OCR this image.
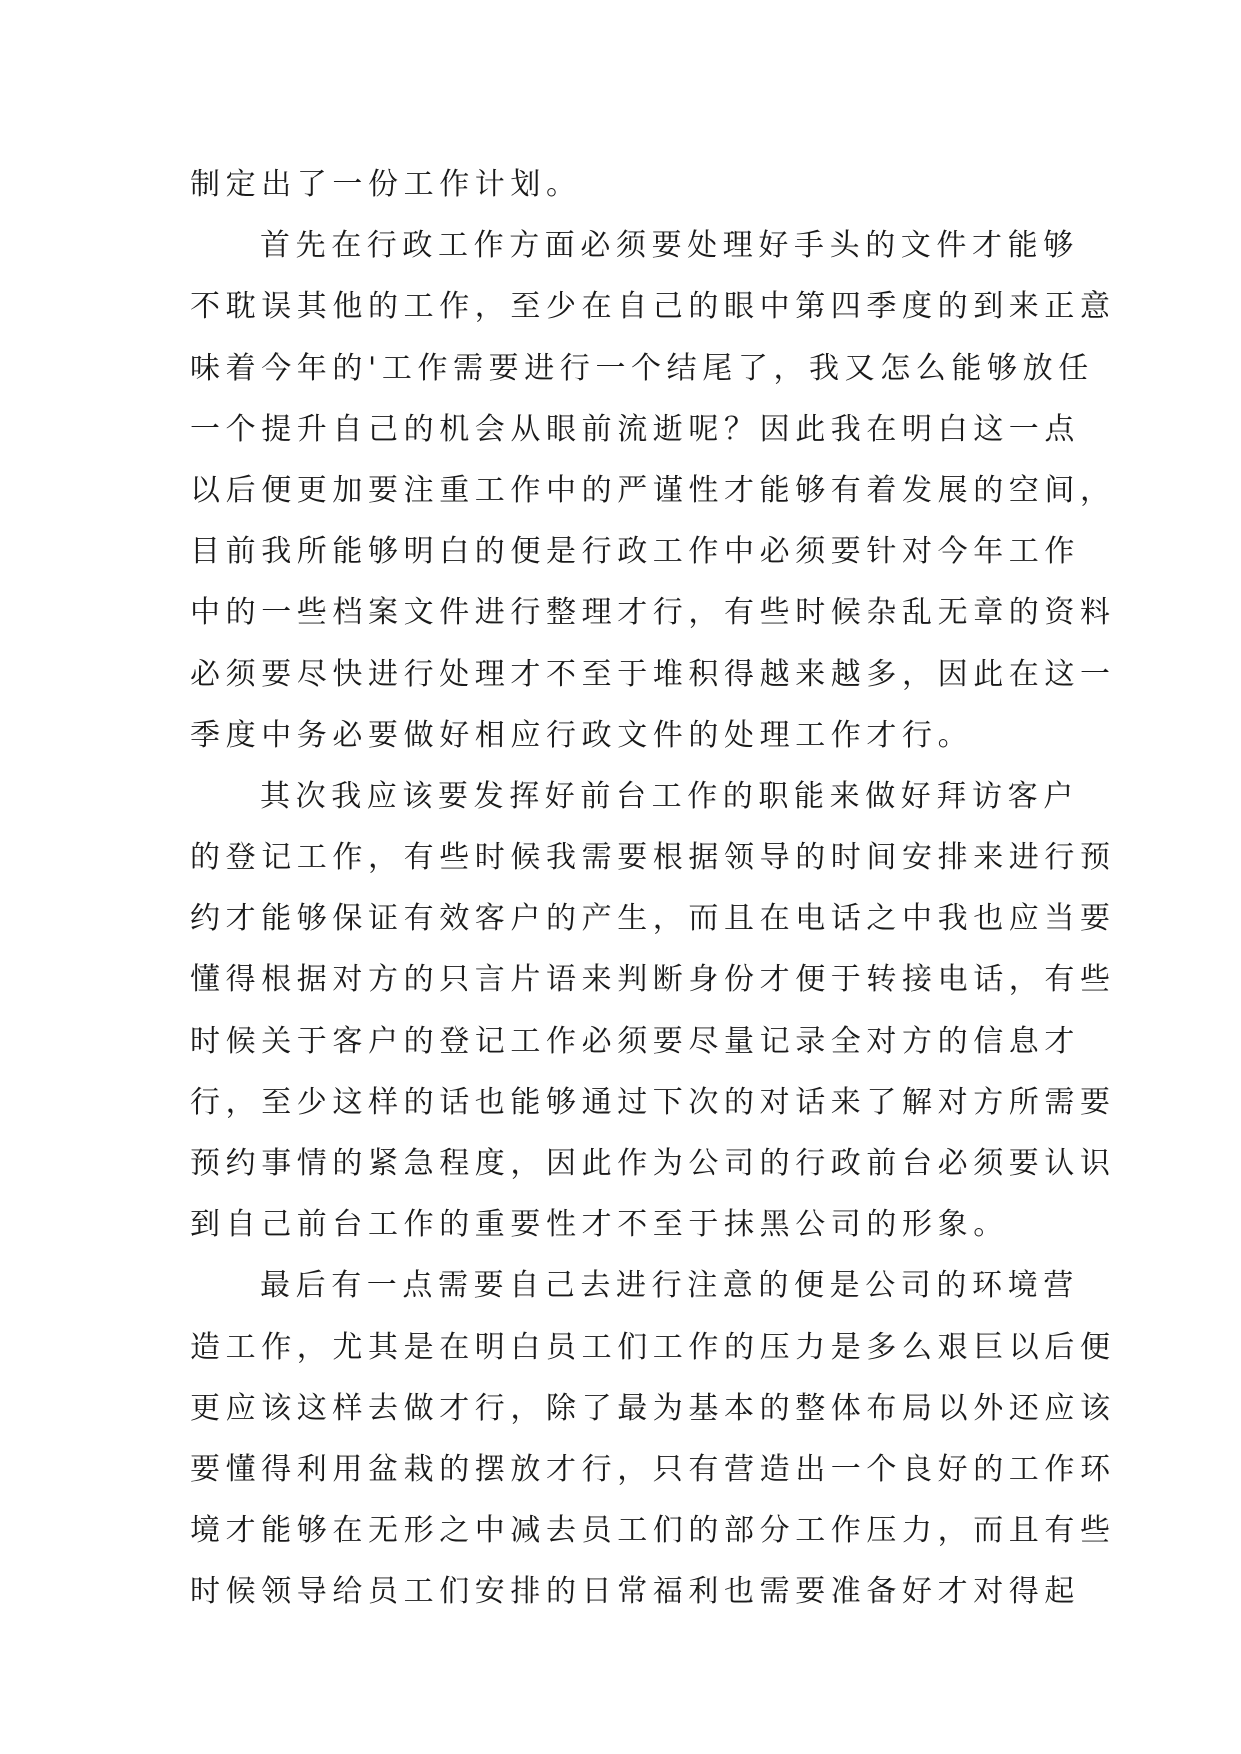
制定出了一份工作计划。
首先在行政工作方面必须要处理好手头的文件才能够
不耽误其他的工作，至少在自己的眼中第四季度的到来正意
味着今年的'工作需要进行一个结尾了，我又怎么能够放任
一个提升自己的机会从眼前流逝呢？因此我在明白这一点
以后便更加要注重工作中的严谨性才能够有着发展的空间，
目前我所能够明白的便是行政工作中必须要针对今年工作
中的一些档案文件进行整理才行，有些时候杂乱无章的资料
必须要尽快进行处理才不至于堆积得越来越多，因此在这一
季度中务必要做好相应行政文件的处理工作才行。
其次我应该要发挥好前台工作的职能来做好拜访客户
的登记工作，有些时候我需要根据领导的时间安排来进行预
约才能够保证有效客户的产生，而且在电话之中我也应当要
懂得根据对方的只言片语来判断身份才便于转接电话，有些
时候关于客户的登记工作必须要尽量记录全对方的信息才
行，至少这样的话也能够通过下次的对话来了解对方所需要
预约事情的紧急程度，因此作为公司的行政前台必须要认识
到自己前台工作的重要性才不至于抹黑公司的形象。
最后有一点需要自己去进行注意的便是公司的环境营
造工作，尤其是在明白员工们工作的压力是多么艰巨以后便
更应该这样去做才行，除了最为基本的整体布局以外还应该
要懂得利用盆栽的摆放才行，只有营造出一个良好的工作环
境才能够在无形之中减去员工们的部分工作压力，而且有些
时候领导给员工们安排的日常福利也需要准备好才对得起
